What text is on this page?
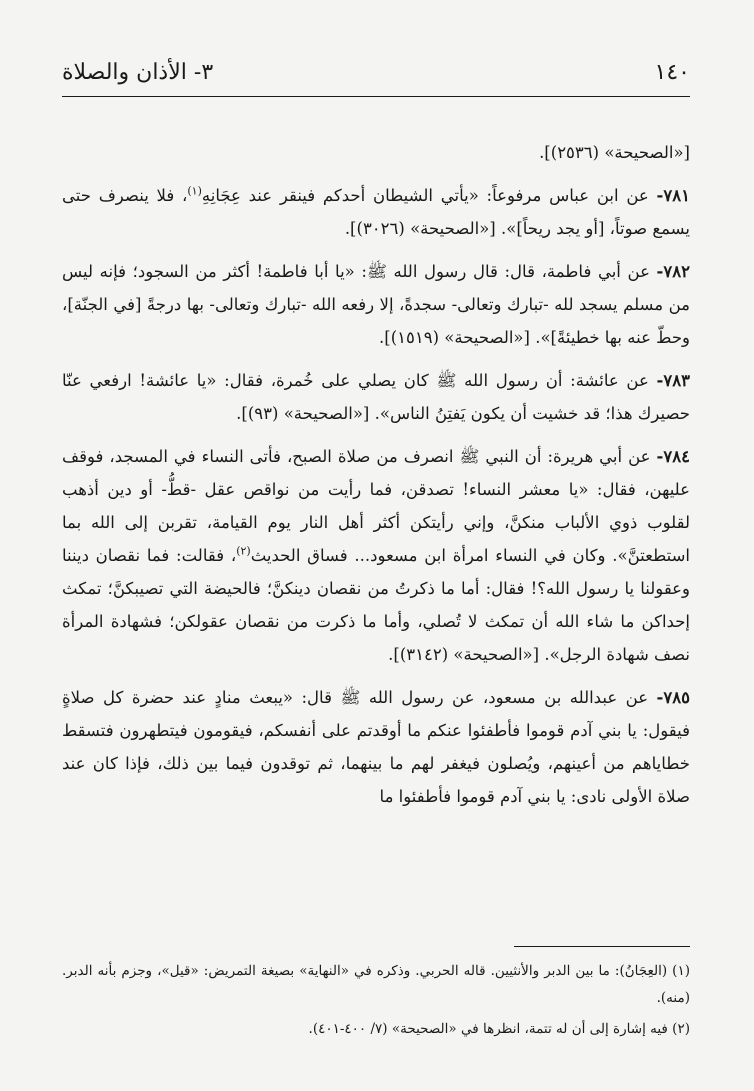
١٤٠
٣- الأذان والصلاة

[«الصحيحة» (٢٥٣٦)].

٧٨١- عن ابن عباس مرفوعاً: «يأتي الشيطان أحدكم فينقر عند عِجَانِهِ$^{(١)}$، فلا ينصرف حتى يسمع صوتاً، [أو يجد ريحاً]». [«الصحيحة» (٣٠٢٦)].

٧٨٢- عن أبي فاطمة، قال: قال رسول الله ﷺ: «يا أبا فاطمة! أكثر من السجود؛ فإنه ليس من مسلم يسجد لله -تبارك وتعالى- سجدةً، إلا رفعه الله -تبارك وتعالى- بها درجةً [في الجنّة]، وحطّ عنه بها خطيئةً]». [«الصحيحة» (١٥١٩)].

٧٨٣- عن عائشة: أن رسول الله ﷺ كان يصلي على خُمرة، فقال: «يا عائشة! ارفعي عنّا حصيرك هذا؛ قد خشيت أن يكون يَفتِنُ الناس». [«الصحيحة» (٩٣)].

٧٨٤- عن أبي هريرة: أن النبي ﷺ انصرف من صلاة الصبح، فأتى النساء في المسجد، فوقف عليهن، فقال: «يا معشر النساء! تصدقن، فما رأيت من نواقص عقل -قطُّ- أو دين أذهب لقلوب ذوي الألباب منكنَّ، وإني رأيتكن أكثر أهل النار يوم القيامة، تقربن إلى الله بما استطعتنَّ». وكان في النساء امرأة ابن مسعود... فساق الحديث$^{(٢)}$، فقالت: فما نقصان ديننا وعقولنا يا رسول الله؟! فقال: أما ما ذكرتُ من نقصان دينكنَّ؛ فالحيضة التي تصيبكنَّ؛ تمكث إحداكن ما شاء الله أن تمكث لا تُصلي، وأما ما ذكرت من نقصان عقولكن؛ فشهادة المرأة نصف شهادة الرجل». [«الصحيحة» (٣١٤٢)].

٧٨٥- عن عبدالله بن مسعود، عن رسول الله ﷺ قال: «يبعث منادٍ عند حضرة كل صلاةٍ فيقول: يا بني آدم قوموا فأطفئوا عنكم ما أوقدتم على أنفسكم، فيقومون فيتطهرون فتسقط خطاياهم من أعينهم، ويُصلون فيغفر لهم ما بينهما، ثم توقدون فيما بين ذلك، فإذا كان عند صلاة الأولى نادى: يا بني آدم قوموا فأطفئوا ما

(١) (العِجَانُ): ما بين الدبر والأنثيين. قاله الحربي. وذكره في «النهاية» بصيغة التمريض: «قيل»، وجزم بأنه الدبر. (منه).

(٢) فيه إشارة إلى أن له تتمة، انظرها في «الصحيحة» (٧/ ٤٠٠-٤٠١).
